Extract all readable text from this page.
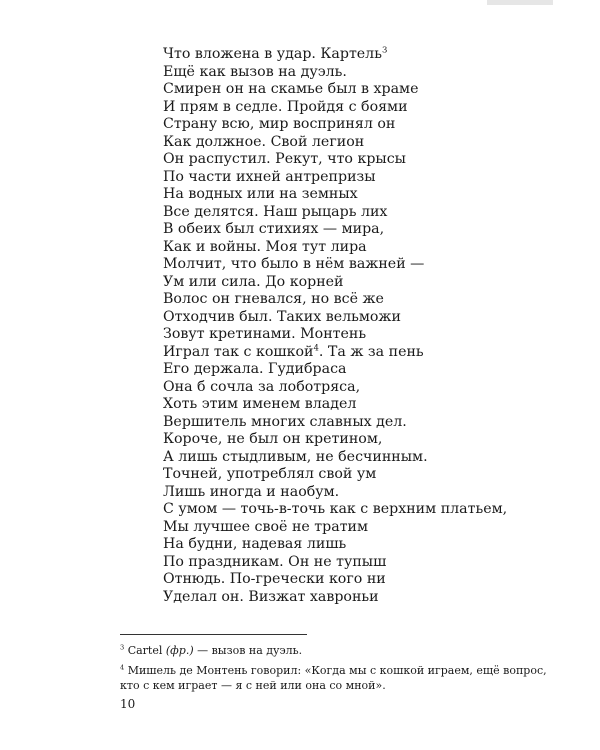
Что вложена в удар. Картель$^3$
Ещё как вызов на дуэль.
Смирен он на скамье был в храме
И прям в седле. Пройдя с боями
Страну всю, мир воспринял он
Как должное. Свой легион
Он распустил. Рекут, что крысы
По части ихней антрепризы
На водных или на земных
Все делятся. Наш рыцарь лих
В обеих был стихиях — мира,
Как и войны. Моя тут лира
Молчит, что было в нём важней —
Ум или сила. До корней
Волос он гневался, но всё же
Отходчив был. Таких вельможи
Зовут кретинами. Монтень
Играл так с кошкой$^4$. Та ж за пень
Его держала. Гудибраса
Она б сочла за лоботряса,
Хоть этим именем владел
Вершитель многих славных дел.
Короче, не был он кретином,
А лишь стыдливым, не бесчинным.
Точней, употреблял свой ум
Лишь иногда и наобум.
С умом — точь-в-точь как с верхним платьем,
Мы лучшее своё не тратим
На будни, надевая лишь
По праздникам. Он не тупыш
Отнюдь. По-гречески кого ни
Уделал он. Визжат хавроньи
$^3$ Cartel (фр.) — вызов на дуэль.
$^4$ Мишель де Монтень говорил: «Когда мы с кошкой играем, ещё вопрос, кто с кем играет — я с ней или она со мной».
10
